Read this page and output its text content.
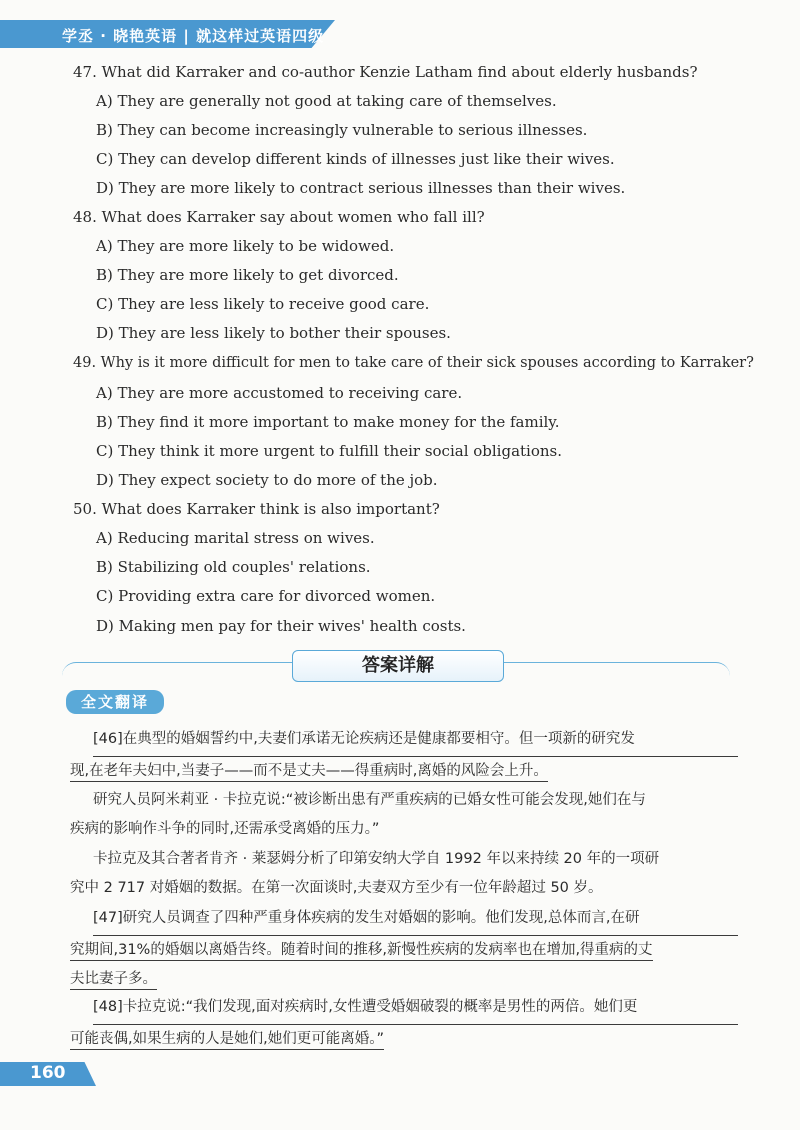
学丞 · 晓艳英语 | 就这样过英语四级
47. What did Karraker and co-author Kenzie Latham find about elderly husbands?
A) They are generally not good at taking care of themselves.
B) They can become increasingly vulnerable to serious illnesses.
C) They can develop different kinds of illnesses just like their wives.
D) They are more likely to contract serious illnesses than their wives.
48. What does Karraker say about women who fall ill?
A) They are more likely to be widowed.
B) They are more likely to get divorced.
C) They are less likely to receive good care.
D) They are less likely to bother their spouses.
49. Why is it more difficult for men to take care of their sick spouses according to Karraker?
A) They are more accustomed to receiving care.
B) They find it more important to make money for the family.
C) They think it more urgent to fulfill their social obligations.
D) They expect society to do more of the job.
50. What does Karraker think is also important?
A) Reducing marital stress on wives.
B) Stabilizing old couples' relations.
C) Providing extra care for divorced women.
D) Making men pay for their wives' health costs.
答案详解
全文翻译
[46]在典型的婚姻誓约中,夫妻们承诺无论疾病还是健康都要相守。但一项新的研究发
现,在老年夫妇中,当妻子——而不是丈夫——得重病时,离婚的风险会上升。
研究人员阿米莉亚 · 卡拉克说:“被诊断出患有严重疾病的已婚女性可能会发现,她们在与
疾病的影响作斗争的同时,还需承受离婚的压力。”
卡拉克及其合著者肯齐 · 莱瑟姆分析了印第安纳大学自 1992 年以来持续 20 年的一项研
究中 2 717 对婚姻的数据。在第一次面谈时,夫妻双方至少有一位年龄超过 50 岁。
[47]研究人员调查了四种严重身体疾病的发生对婚姻的影响。他们发现,总体而言,在研
究期间,31%的婚姻以离婚告终。随着时间的推移,新慢性疾病的发病率也在增加,得重病的丈
夫比妻子多。
[48]卡拉克说:“我们发现,面对疾病时,女性遭受婚姻破裂的概率是男性的两倍。她们更
可能丧偶,如果生病的人是她们,她们更可能离婚。”
160
